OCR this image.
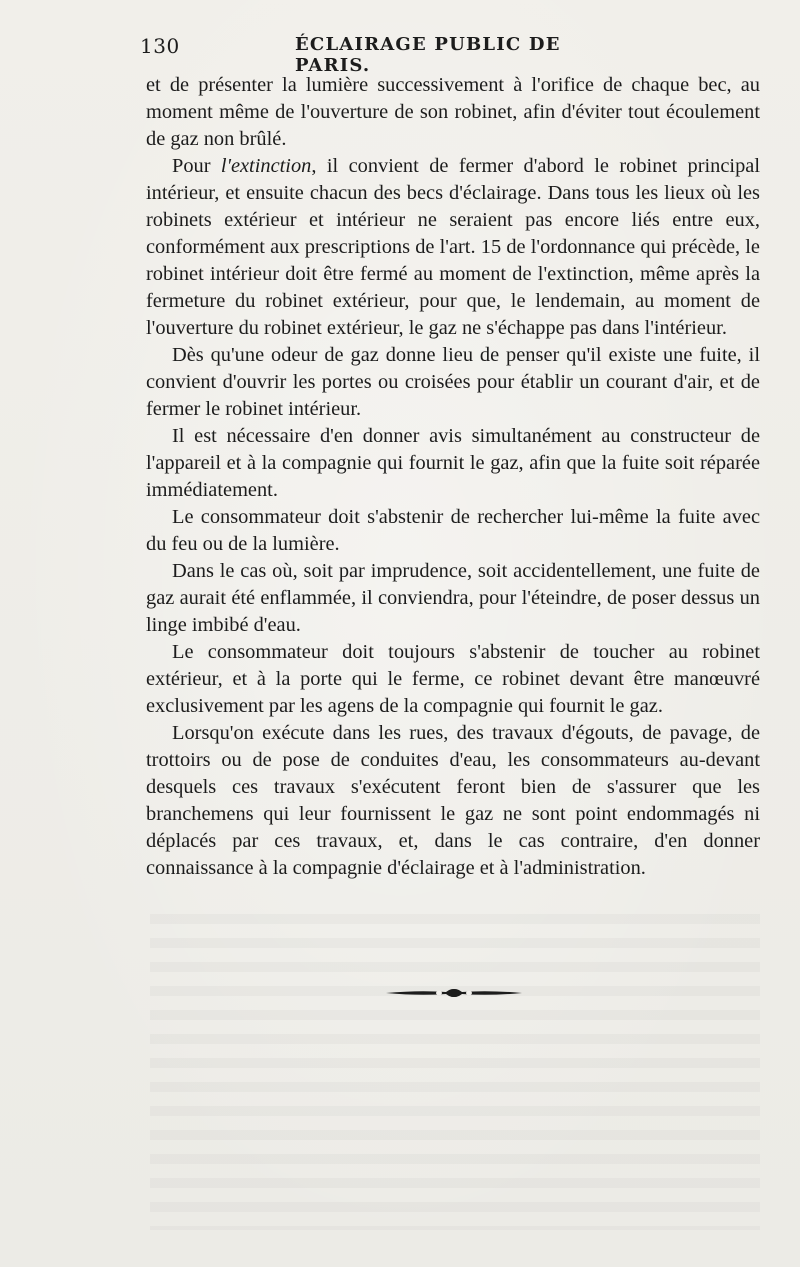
130	ÉCLAIRAGE PUBLIC DE PARIS.

et de présenter la lumière successivement à l'orifice de chaque bec, au moment même de l'ouverture de son robinet, afin d'éviter tout écoulement de gaz non brûlé.

Pour l'extinction, il convient de fermer d'abord le robinet principal intérieur, et ensuite chacun des becs d'éclairage. Dans tous les lieux où les robinets extérieur et intérieur ne seraient pas encore liés entre eux, conformément aux prescriptions de l'art. 15 de l'ordonnance qui précède, le robinet intérieur doit être fermé au moment de l'extinction, même après la fermeture du robinet extérieur, pour que, le lendemain, au moment de l'ouverture du robinet extérieur, le gaz ne s'échappe pas dans l'intérieur.

Dès qu'une odeur de gaz donne lieu de penser qu'il existe une fuite, il convient d'ouvrir les portes ou croisées pour établir un courant d'air, et de fermer le robinet intérieur.

Il est nécessaire d'en donner avis simultanément au constructeur de l'appareil et à la compagnie qui fournit le gaz, afin que la fuite soit réparée immédiatement.

Le consommateur doit s'abstenir de rechercher lui-même la fuite avec du feu ou de la lumière.

Dans le cas où, soit par imprudence, soit accidentellement, une fuite de gaz aurait été enflammée, il conviendra, pour l'éteindre, de poser dessus un linge imbibé d'eau.

Le consommateur doit toujours s'abstenir de toucher au robinet extérieur, et à la porte qui le ferme, ce robinet devant être manœuvré exclusivement par les agens de la compagnie qui fournit le gaz.

Lorsqu'on exécute dans les rues, des travaux d'égouts, de pavage, de trottoirs ou de pose de conduites d'eau, les consommateurs au-devant desquels ces travaux s'exécutent feront bien de s'assurer que les branchemens qui leur fournissent le gaz ne sont point endommagés ni déplacés par ces travaux, et, dans le cas contraire, d'en donner connaissance à la compagnie d'éclairage et à l'administration.
